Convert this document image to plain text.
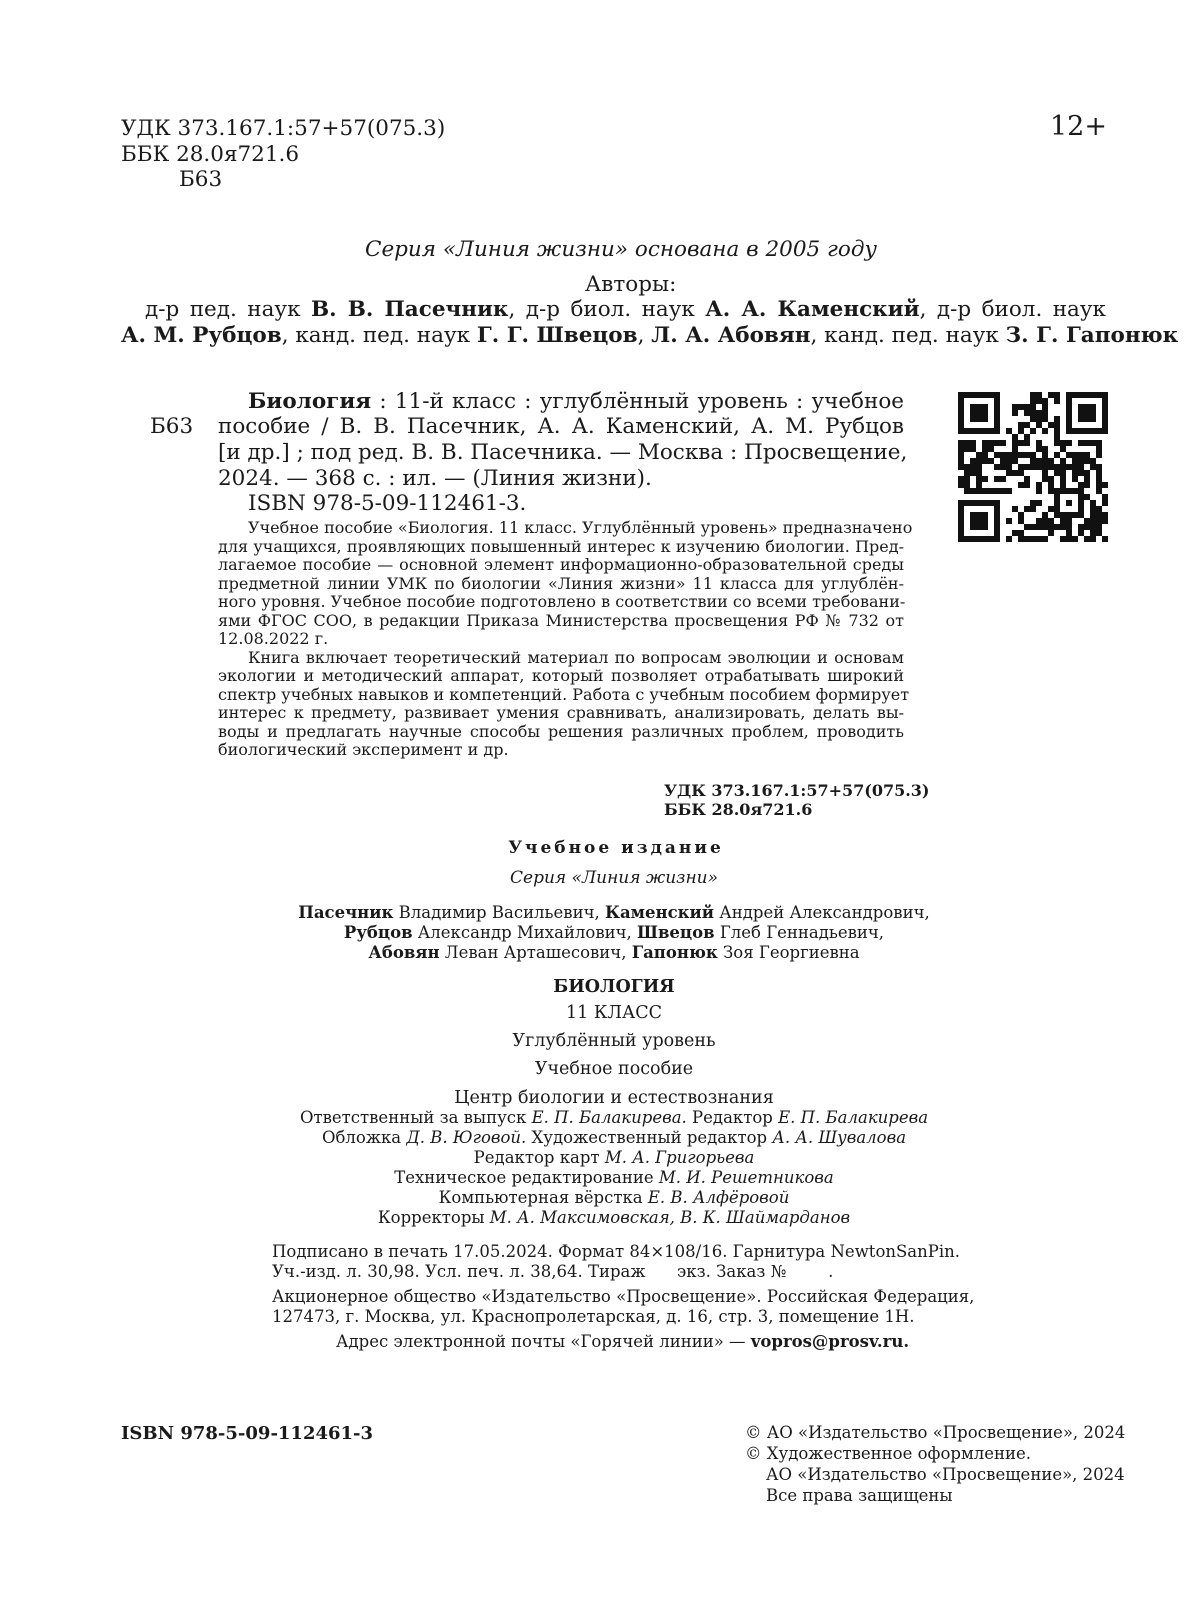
УДК 373.167.1:57+57(075.3)
ББК 28.0я721.6
Б63
12+
Серия «Линия жизни» основана в 2005 году
Авторы:
д-р пед. наук В. В. Пасечник, д-р биол. наук А. А. Каменский, д-р биол. наук
А. М. Рубцов, канд. пед. наук Г. Г. Швецов, Л. А. Абовян, канд. пед. наук З. Г. Гапонюк
Б63
Биология : 11-й класс : углублённый уровень : учебное
пособие / В. В. Пасечник, А. А. Каменский, А. М. Рубцов
[и др.] ; под ред. В. В. Пасечника. — Москва : Просвещение,
2024. — 368 с. : ил. — (Линия жизни).
ISBN 978-5-09-112461-3.
Учебное пособие «Биология. 11 класс. Углублённый уровень» предназначено
для учащихся, проявляющих повышенный интерес к изучению биологии. Пред-
лагаемое пособие — основной элемент информационно-образовательной среды
предметной линии УМК по биологии «Линия жизни» 11 класса для углублён-
ного уровня. Учебное пособие подготовлено в соответствии со всеми требовани-
ями ФГОС СОО, в редакции Приказа Министерства просвещения РФ № 732 от
12.08.2022 г.
Книга включает теоретический материал по вопросам эволюции и основам
экологии и методический аппарат, который позволяет отрабатывать широкий
спектр учебных навыков и компетенций. Работа с учебным пособием формирует
интерес к предмету, развивает умения сравнивать, анализировать, делать вы-
воды и предлагать научные способы решения различных проблем, проводить
биологический эксперимент и др.
УДК 373.167.1:57+57(075.3)
ББК 28.0я721.6
Учебное издание
Серия «Линия жизни»
Пасечник Владимир Васильевич, Каменский Андрей Александрович,
Рубцов Александр Михайлович, Швецов Глеб Геннадьевич,
Абовян Леван Арташесович, Гапонюк Зоя Георгиевна
БИОЛОГИЯ
11 КЛАСС
Углублённый уровень
Учебное пособие
Центр биологии и естествознания
Ответственный за выпуск Е. П. Балакирева. Редактор Е. П. Балакирева
Обложка Д. В. Юговой. Художественный редактор А. А. Шувалова
Редактор карт М. А. Григорьева
Техническое редактирование М. И. Решетникова
Компьютерная вёрстка Е. В. Алфёровой
Корректоры М. А. Максимовская, В. К. Шаймарданов
Подписано в печать 17.05.2024. Формат 84×108/16. Гарнитура NewtonSanPin.
Уч.-изд. л. 30,98. Усл. печ. л. 38,64. Тираж      экз. Заказ №        .
Акционерное общество «Издательство «Просвещение». Российская Федерация,
127473, г. Москва, ул. Краснопролетарская, д. 16, стр. 3, помещение 1Н.
Адрес электронной почты «Горячей линии» — vopros@prosv.ru.
ISBN 978-5-09-112461-3	© АО «Издательство «Просвещение», 2024
© Художественное оформление.
АО «Издательство «Просвещение», 2024
Все права защищены
